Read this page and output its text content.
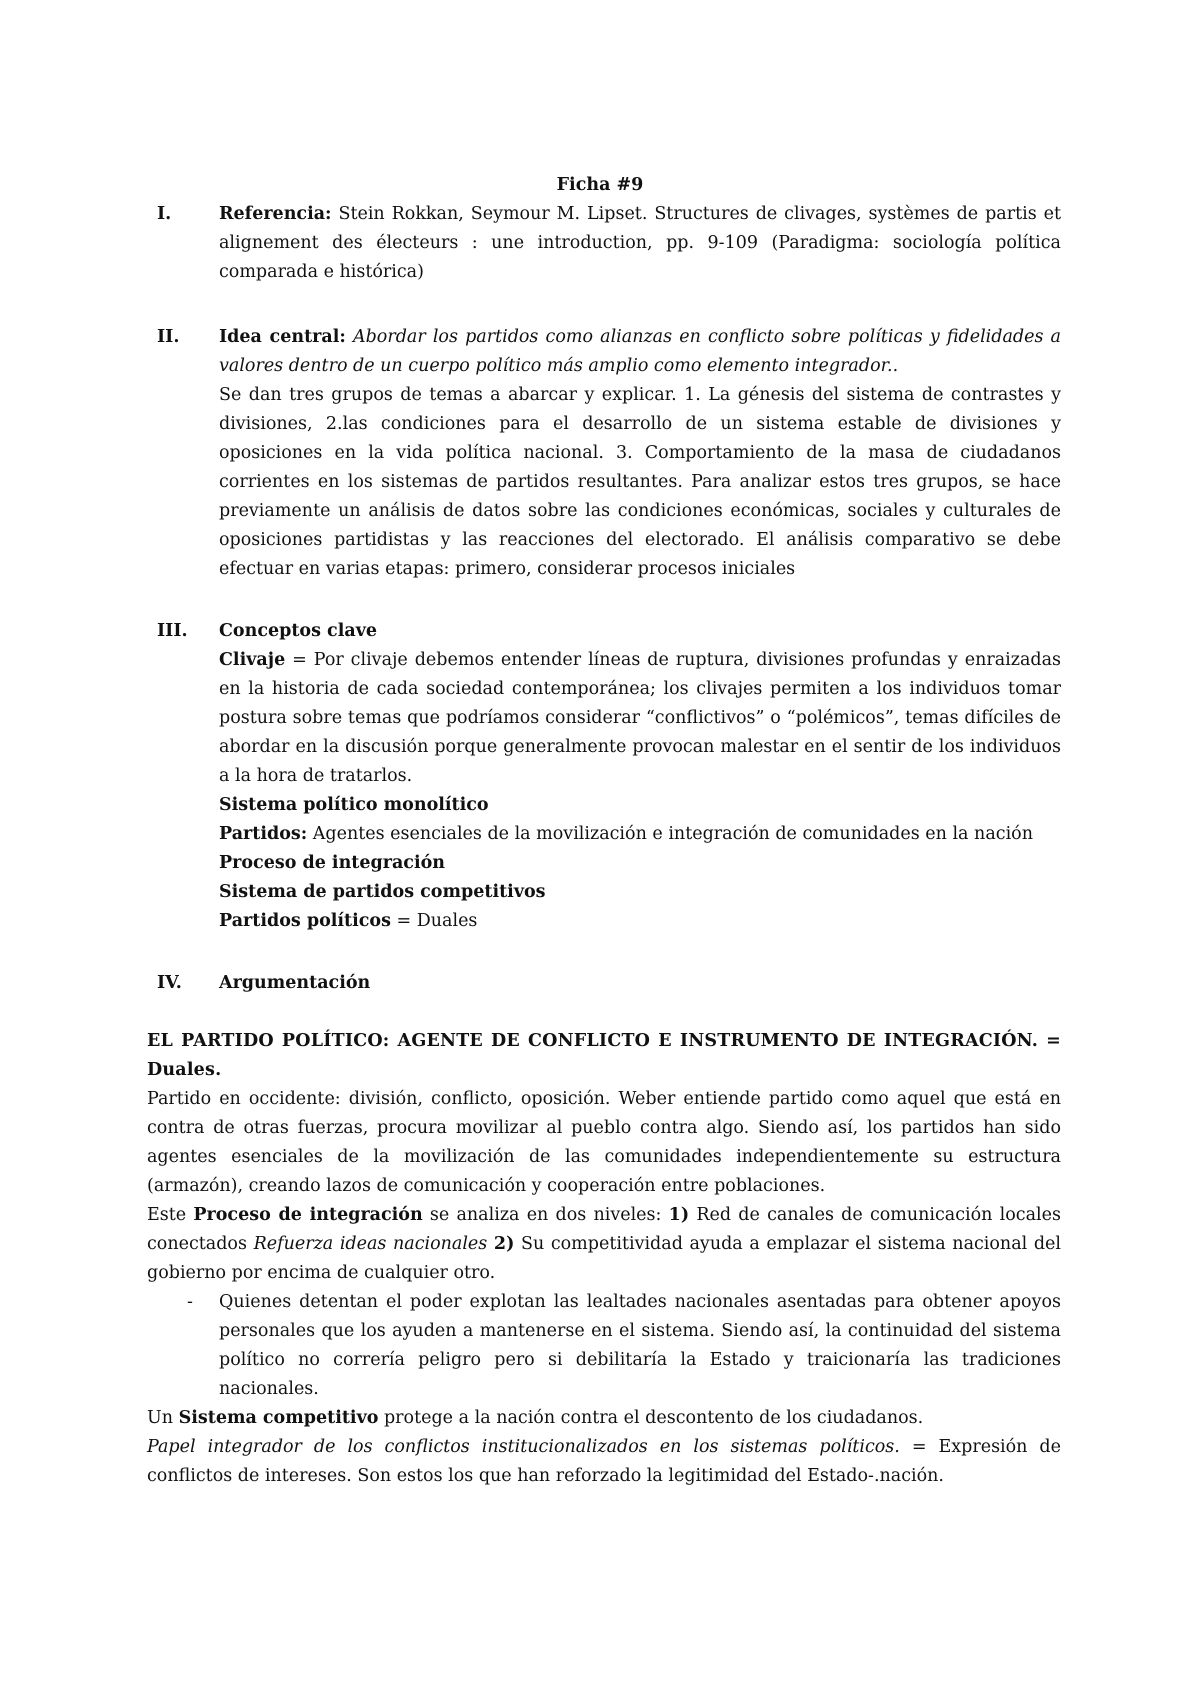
Ficha #9
I.	Referencia: Stein Rokkan, Seymour M. Lipset. Structures de clivages, systèmes de partis et alignement des électeurs : une introduction, pp. 9-109 (Paradigma: sociología política comparada e histórica)

II.	Idea central: Abordar los partidos como alianzas en conflicto sobre políticas y fidelidades a valores dentro de un cuerpo político más amplio como elemento integrador..

Se dan tres grupos de temas a abarcar y explicar. 1. La génesis del sistema de contrastes y divisiones, 2.las condiciones para el desarrollo de un sistema estable de divisiones y oposiciones en la vida política nacional. 3. Comportamiento de la masa de ciudadanos corrientes en los sistemas de partidos resultantes. Para analizar estos tres grupos, se hace previamente un análisis de datos sobre las condiciones económicas, sociales y culturales de oposiciones partidistas y las reacciones del electorado. El análisis comparativo se debe efectuar en varias etapas: primero, considerar procesos iniciales

III.	Conceptos clave

Clivaje = Por clivaje debemos entender líneas de ruptura, divisiones profundas y enraizadas en la historia de cada sociedad contemporánea; los clivajes permiten a los individuos tomar postura sobre temas que podríamos considerar “conflictivos” o “polémicos”, temas difíciles de abordar en la discusión porque generalmente provocan malestar en el sentir de los individuos a la hora de tratarlos.

Sistema político monolítico

Partidos: Agentes esenciales de la movilización e integración de comunidades en la nación

Proceso de integración

Sistema de partidos competitivos

Partidos políticos = Duales

IV.	Argumentación

EL PARTIDO POLÍTICO: AGENTE DE CONFLICTO E INSTRUMENTO DE INTEGRACIÓN. = Duales.

Partido en occidente: división, conflicto, oposición. Weber entiende partido como aquel que está en contra de otras fuerzas, procura movilizar al pueblo contra algo. Siendo así, los partidos han sido agentes esenciales de la movilización de las comunidades independientemente su estructura (armazón), creando lazos de comunicación y cooperación entre poblaciones.

Este Proceso de integración se analiza en dos niveles: 1) Red de canales de comunicación locales conectados Refuerza ideas nacionales 2) Su competitividad ayuda a emplazar el sistema nacional del gobierno por encima de cualquier otro.

- Quienes detentan el poder explotan las lealtades nacionales asentadas para obtener apoyos personales que los ayuden a mantenerse en el sistema. Siendo así, la continuidad del sistema político no correría peligro pero si debilitaría la Estado y traicionaría las tradiciones nacionales.

Un Sistema competitivo protege a la nación contra el descontento de los ciudadanos.

Papel integrador de los conflictos institucionalizados en los sistemas políticos. = Expresión de conflictos de intereses. Son estos los que han reforzado la legitimidad del Estado-.nación.
